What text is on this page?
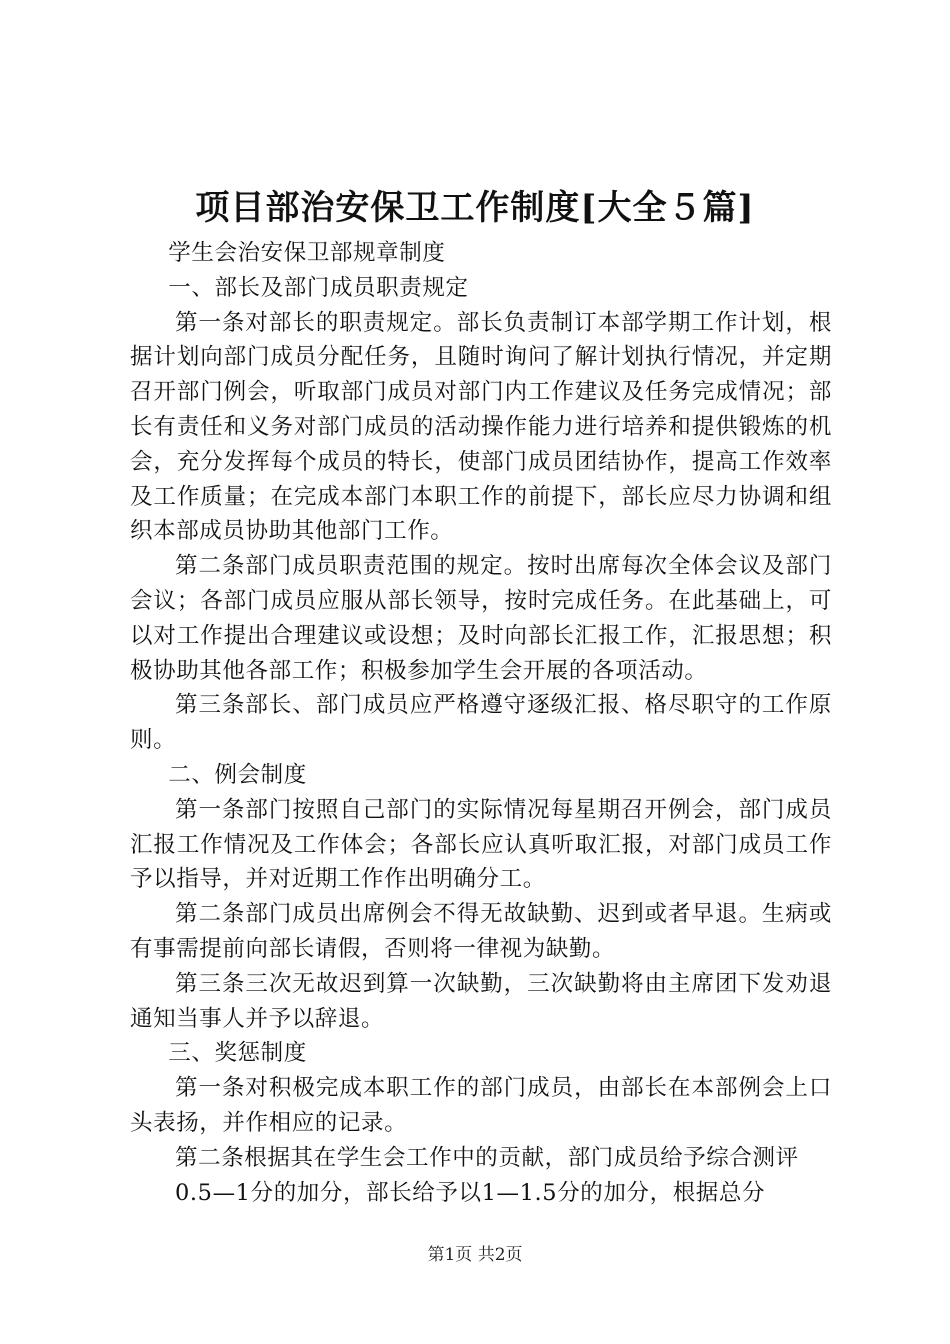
项目部治安保卫工作制度[大全５篇]

学生会治安保卫部规章制度

一、部长及部门成员职责规定

第一条对部长的职责规定。部长负责制订本部学期工作计划，根据计划向部门成员分配任务，且随时询问了解计划执行情况，并定期召开部门例会，听取部门成员对部门内工作建议及任务完成情况；部长有责任和义务对部门成员的活动操作能力进行培养和提供锻炼的机会，充分发挥每个成员的特长，使部门成员团结协作，提高工作效率及工作质量；在完成本部门本职工作的前提下，部长应尽力协调和组织本部成员协助其他部门工作。

第二条部门成员职责范围的规定。按时出席每次全体会议及部门会议；各部门成员应服从部长领导，按时完成任务。在此基础上，可以对工作提出合理建议或设想；及时向部长汇报工作，汇报思想；积极协助其他各部工作；积极参加学生会开展的各项活动。

第三条部长、部门成员应严格遵守逐级汇报、格尽职守的工作原则。

二、例会制度

第一条部门按照自己部门的实际情况每星期召开例会，部门成员汇报工作情况及工作体会；各部长应认真听取汇报，对部门成员工作予以指导，并对近期工作作出明确分工。

第二条部门成员出席例会不得无故缺勤、迟到或者早退。生病或有事需提前向部长请假，否则将一律视为缺勤。

第三条三次无故迟到算一次缺勤，三次缺勤将由主席团下发劝退通知当事人并予以辞退。

三、奖惩制度

第一条对积极完成本职工作的部门成员，由部长在本部例会上口头表扬，并作相应的记录。

第二条根据其在学生会工作中的贡献，部门成员给予综合测评

0.5—1分的加分，部长给予以1—1.5分的加分，根据总分

第1页 共2页
